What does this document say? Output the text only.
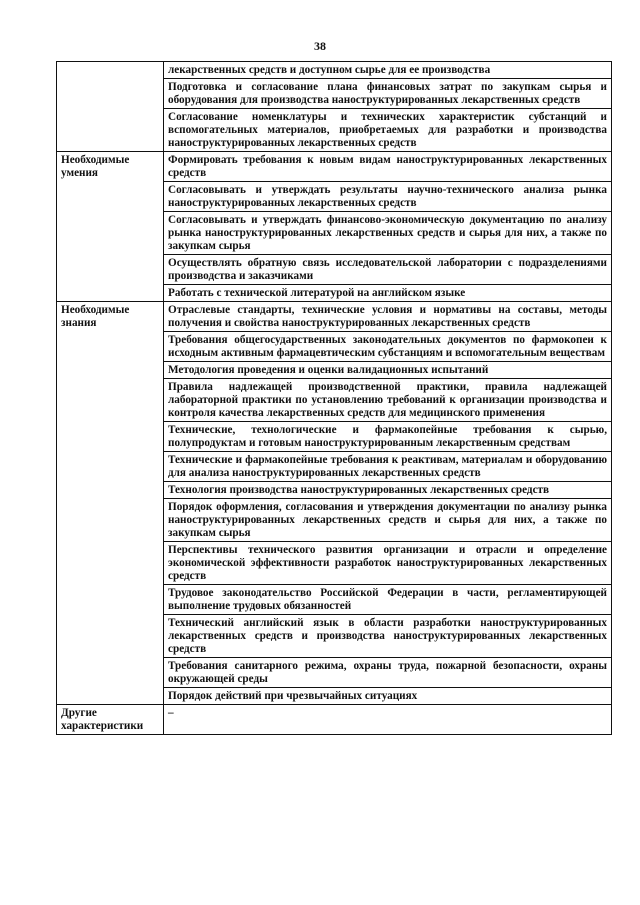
38
	лекарственных средств и доступном сырье для ее производства
	Подготовка и согласование плана финансовых затрат по закупкам сырья и оборудования для производства наноструктурированных лекарственных средств
	Согласование номенклатуры и технических характеристик субстанций и вспомогательных материалов, приобретаемых для разработки и производства наноструктурированных лекарственных средств

Необходимые умения	Формировать требования к новым видам наноструктурированных лекарственных средств
	Согласовывать и утверждать результаты научно-технического анализа рынка наноструктурированных лекарственных средств
	Согласовывать и утверждать финансово-экономическую документацию по анализу рынка наноструктурированных лекарственных средств и сырья для них, а также по закупкам сырья
	Осуществлять обратную связь исследовательской лаборатории с подразделениями производства и заказчиками
	Работать с технической литературой на английском языке

Необходимые знания	Отраслевые стандарты, технические условия и нормативы на составы, методы получения и свойства наноструктурированных лекарственных средств
	Требования общегосударственных законодательных документов по фармокопеи к исходным активным фармацевтическим субстанциям и вспомогательным веществам
	Методология проведения и оценки валидационных испытаний
	Правила надлежащей производственной практики, правила надлежащей лабораторной практики по установлению требований к организации производства и контроля качества лекарственных средств для медицинского применения
	Технические, технологические и фармакопейные требования к сырью, полупродуктам и готовым наноструктурированным лекарственным средствам
	Технические и фармакопейные требования к реактивам, материалам и оборудованию для анализа наноструктурированных лекарственных средств
	Технология производства наноструктурированных лекарственных средств
	Порядок оформления, согласования и утверждения документации по анализу рынка наноструктурированных лекарственных средств и сырья для них, а также по закупкам сырья
	Перспективы технического развития организации и отрасли и определение экономической эффективности разработок наноструктурированных лекарственных средств
	Трудовое законодательство Российской Федерации в части, регламентирующей выполнение трудовых обязанностей
	Технический английский язык в области разработки наноструктурированных лекарственных средств и производства наноструктурированных лекарственных средств
	Требования санитарного режима, охраны труда, пожарной безопасности, охраны окружающей среды
	Порядок действий при чрезвычайных ситуациях

Другие характеристики	–
